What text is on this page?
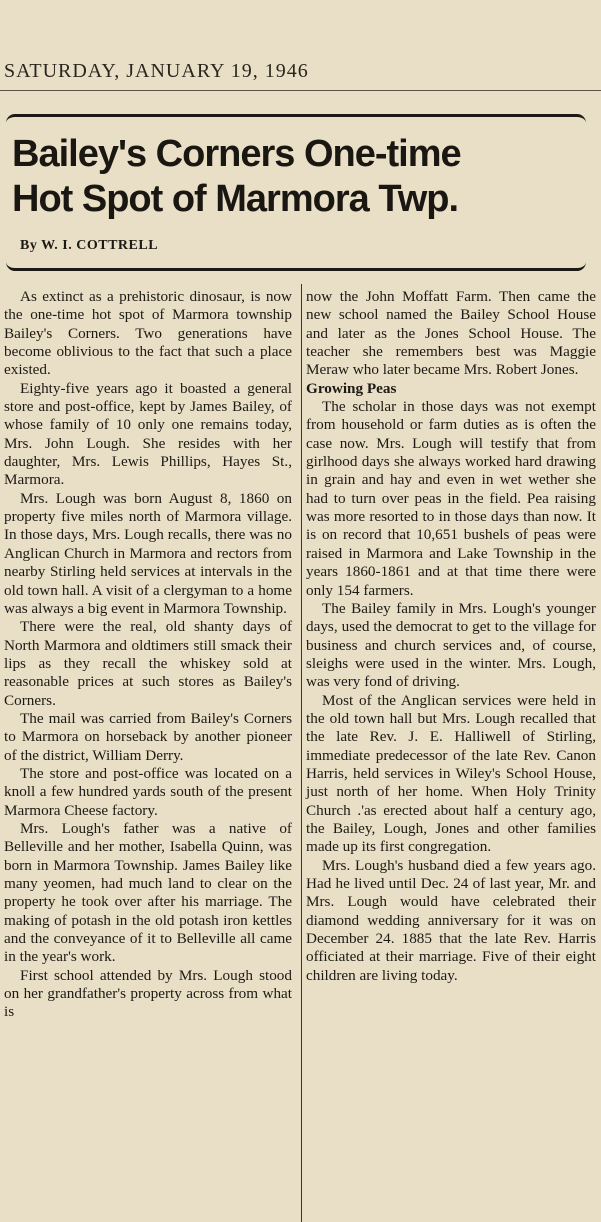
SATURDAY, JANUARY 19, 1946
Bailey's Corners One-time
Hot Spot of Marmora Twp.
By W. I. COTTRELL

As extinct as a prehistoric dinosaur, is now the one-time hot spot of Marmora township Bailey's Corners. Two generations have become oblivious to the fact that such a place existed.

Eighty-five years ago it boasted a general store and post-office, kept by James Bailey, of whose family of 10 only one remains today, Mrs. John Lough. She resides with her daughter, Mrs. Lewis Phillips, Hayes St., Marmora.

Mrs. Lough was born August 8, 1860 on property five miles north of Marmora village. In those days, Mrs. Lough recalls, there was no Anglican Church in Marmora and rectors from nearby Stirling held services at intervals in the old town hall. A visit of a clergyman to a home was always a big event in Marmora Township.

There were the real, old shanty days of North Marmora and oldtimers still smack their lips as they recall the whiskey sold at reasonable prices at such stores as Bailey's Corners.

The mail was carried from Bailey's Corners to Marmora on horseback by another pioneer of the district, William Derry.

The store and post-office was located on a knoll a few hundred yards south of the present Marmora Cheese factory.

Mrs. Lough's father was a native of Belleville and her mother, Isabella Quinn, was born in Marmora Township. James Bailey like many yeomen, had much land to clear on the property he took over after his marriage. The making of potash in the old potash iron kettles and the conveyance of it to Belleville all came in the year's work.

First school attended by Mrs. Lough stood on her grandfather's property across from what is

now the John Moffatt Farm. Then came the new school named the Bailey School House and later as the Jones School House. The teacher she remembers best was Maggie Meraw who later became Mrs. Robert Jones.

Growing Peas

The scholar in those days was not exempt from household or farm duties as is often the case now. Mrs. Lough will testify that from girlhood days she always worked hard drawing in grain and hay and even in wet wether she had to turn over peas in the field. Pea raising was more resorted to in those days than now. It is on record that 10,651 bushels of peas were raised in Marmora and Lake Township in the years 1860-1861 and at that time there were only 154 farmers.

The Bailey family in Mrs. Lough's younger days, used the democrat to get to the village for business and church services and, of course, sleighs were used in the winter. Mrs. Lough, was very fond of driving.

Most of the Anglican services were held in the old town hall but Mrs. Lough recalled that the late Rev. J. E. Halliwell of Stirling, immediate predecessor of the late Rev. Canon Harris, held services in Wiley's School House, just north of her home. When Holy Trinity Church .'as erected about half a century ago, the Bailey, Lough, Jones and other families made up its first congregation.

Mrs. Lough's husband died a few years ago. Had he lived until Dec. 24 of last year, Mr. and Mrs. Lough would have celebrated their diamond wedding anniversary for it was on December 24. 1885 that the late Rev. Harris officiated at their marriage. Five of their eight children are living today.
